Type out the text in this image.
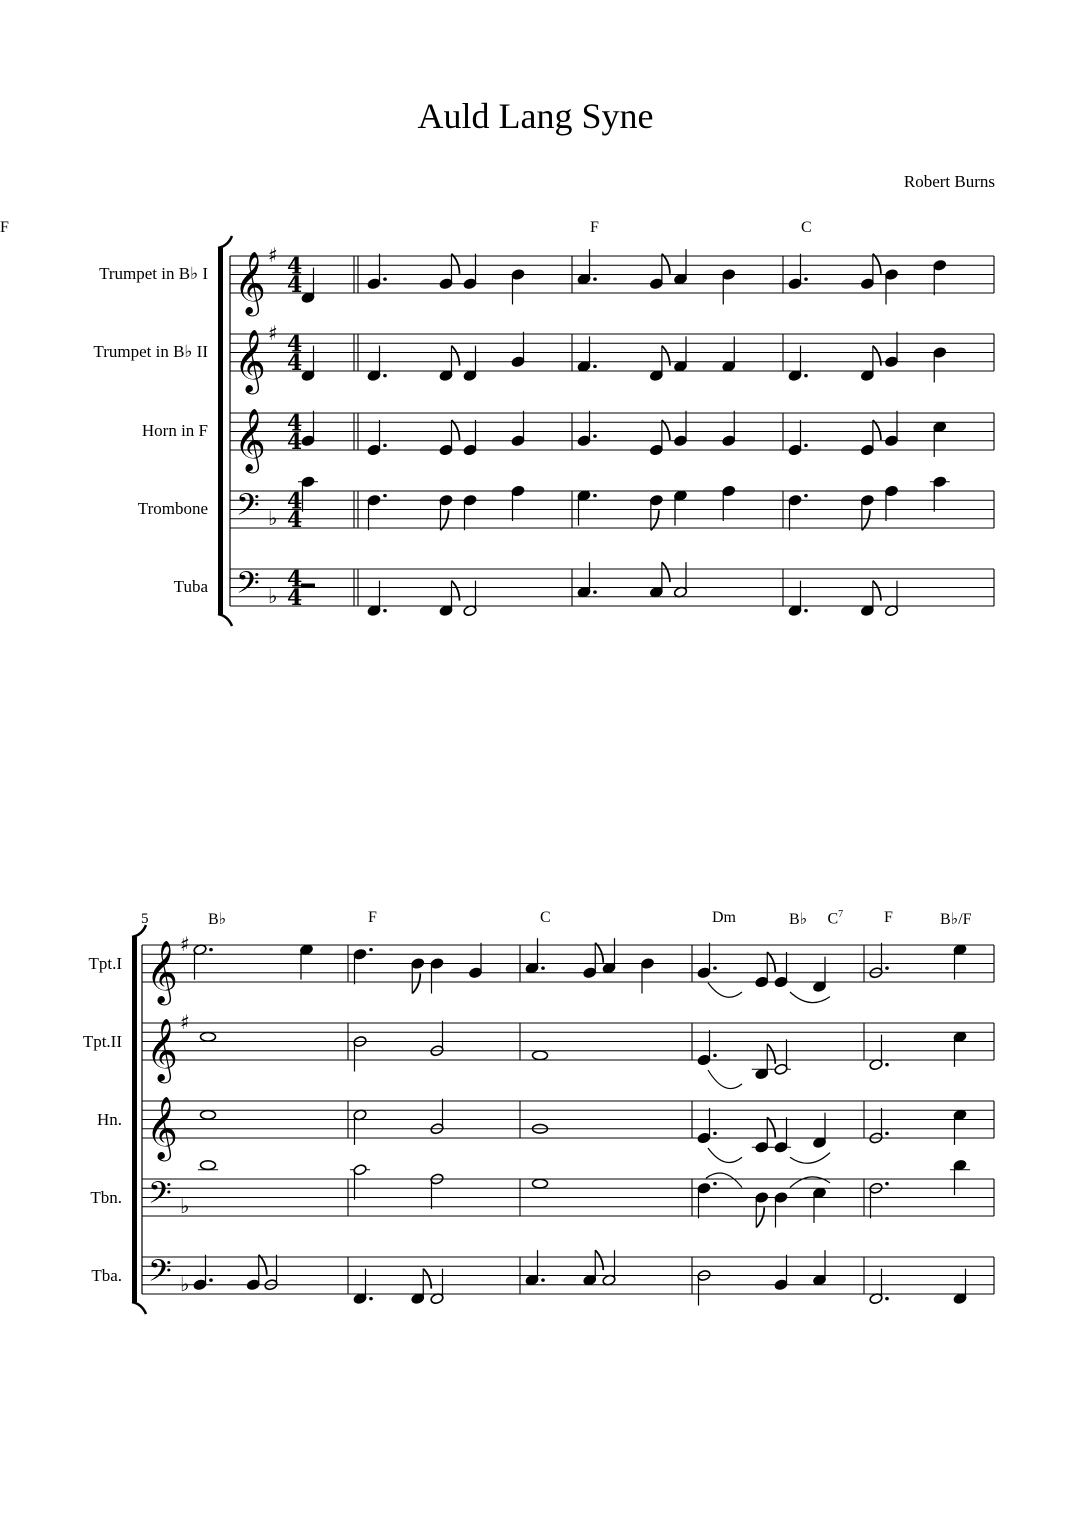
Auld Lang Syne
Robert Burns
Trumpet in B♭ I
Trumpet in B♭ II
Horn in F
Trombone
Tuba
Tpt.I
Tpt.II
Hn.
Tbn.
Tba.
5
F	C
F
B♭	F	C	Dm	B♭ $C^7$	F	B♭/F
𝄞 ♯ 4
4
𝄞 ♯ 4
4
𝄞 4
4
𝄢 ♭
4
4
𝄢 ♭
4
4
𝄞 ♯
𝄞 ♯
𝄞
𝄢 ♭
𝄢 ♭
